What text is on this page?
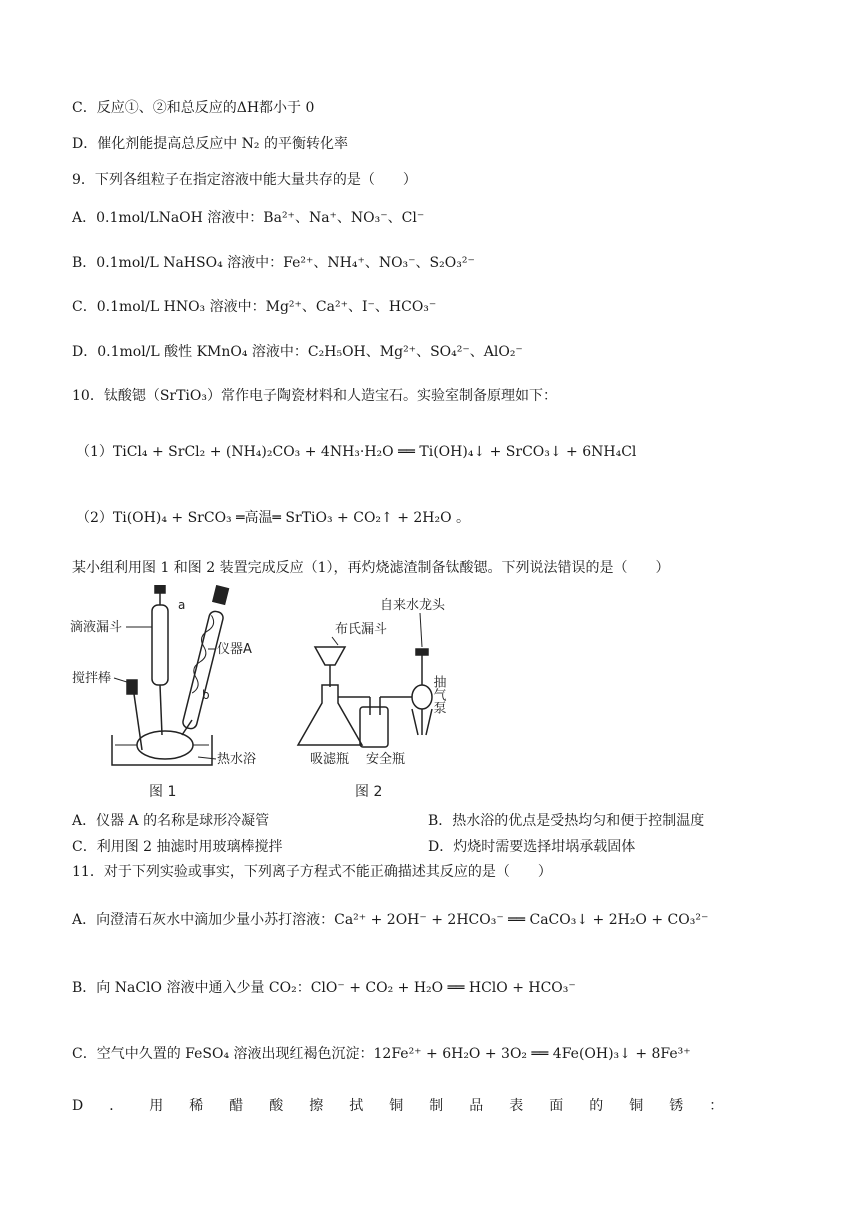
C．反应①、②和总反应的ΔH都小于 0
D．催化剂能提高总反应中 N₂ 的平衡转化率
9．下列各组粒子在指定溶液中能大量共存的是（　　）
A．0.1mol/LNaOH 溶液中：Ba²⁺、Na⁺、NO₃⁻、Cl⁻
B．0.1mol/L NaHSO₄ 溶液中：Fe²⁺、NH₄⁺、NO₃⁻、S₂O₃²⁻
C．0.1mol/L HNO₃ 溶液中：Mg²⁺、Ca²⁺、I⁻、HCO₃⁻
D．0.1mol/L 酸性 KMnO₄ 溶液中：C₂H₅OH、Mg²⁺、SO₄²⁻、AlO₂⁻
10．钛酸锶（SrTiO₃）常作电子陶瓷材料和人造宝石。实验室制备原理如下：
（1）TiCl₄ + SrCl₂ + (NH₄)₂CO₃ + 4NH₃·H₂O ══ Ti(OH)₄↓ + SrCO₃↓ + 6NH₄Cl
（2）Ti(OH)₄ + SrCO₃ ═高温═ SrTiO₃ + CO₂↑ + 2H₂O 。
某小组利用图 1 和图 2 装置完成反应（1），再灼烧滤渣制备钛酸锶。下列说法错误的是（　　）
滴液漏斗
搅拌棒
仪器A
a
b
热水浴
图 1
布氏漏斗
自来水龙头
抽气泵
吸滤瓶 安全瓶
图 2
A．仪器 A 的名称是球形冷凝管	B．热水浴的优点是受热均匀和便于控制温度
C．利用图 2 抽滤时用玻璃棒搅拌	D．灼烧时需要选择坩埚承载固体
11．对于下列实验或事实，下列离子方程式不能正确描述其反应的是（　　）
A．向澄清石灰水中滴加少量小苏打溶液：Ca²⁺ + 2OH⁻ + 2HCO₃⁻ ══ CaCO₃↓ + 2H₂O + CO₃²⁻
B．向 NaClO 溶液中通入少量 CO₂：ClO⁻ + CO₂ + H₂O ══ HClO + HCO₃⁻
C．空气中久置的 FeSO₄ 溶液出现红褐色沉淀：12Fe²⁺ + 6H₂O + 3O₂ ══ 4Fe(OH)₃↓ + 8Fe³⁺
D．用稀醋酸擦拭铜制品表面的铜锈：
